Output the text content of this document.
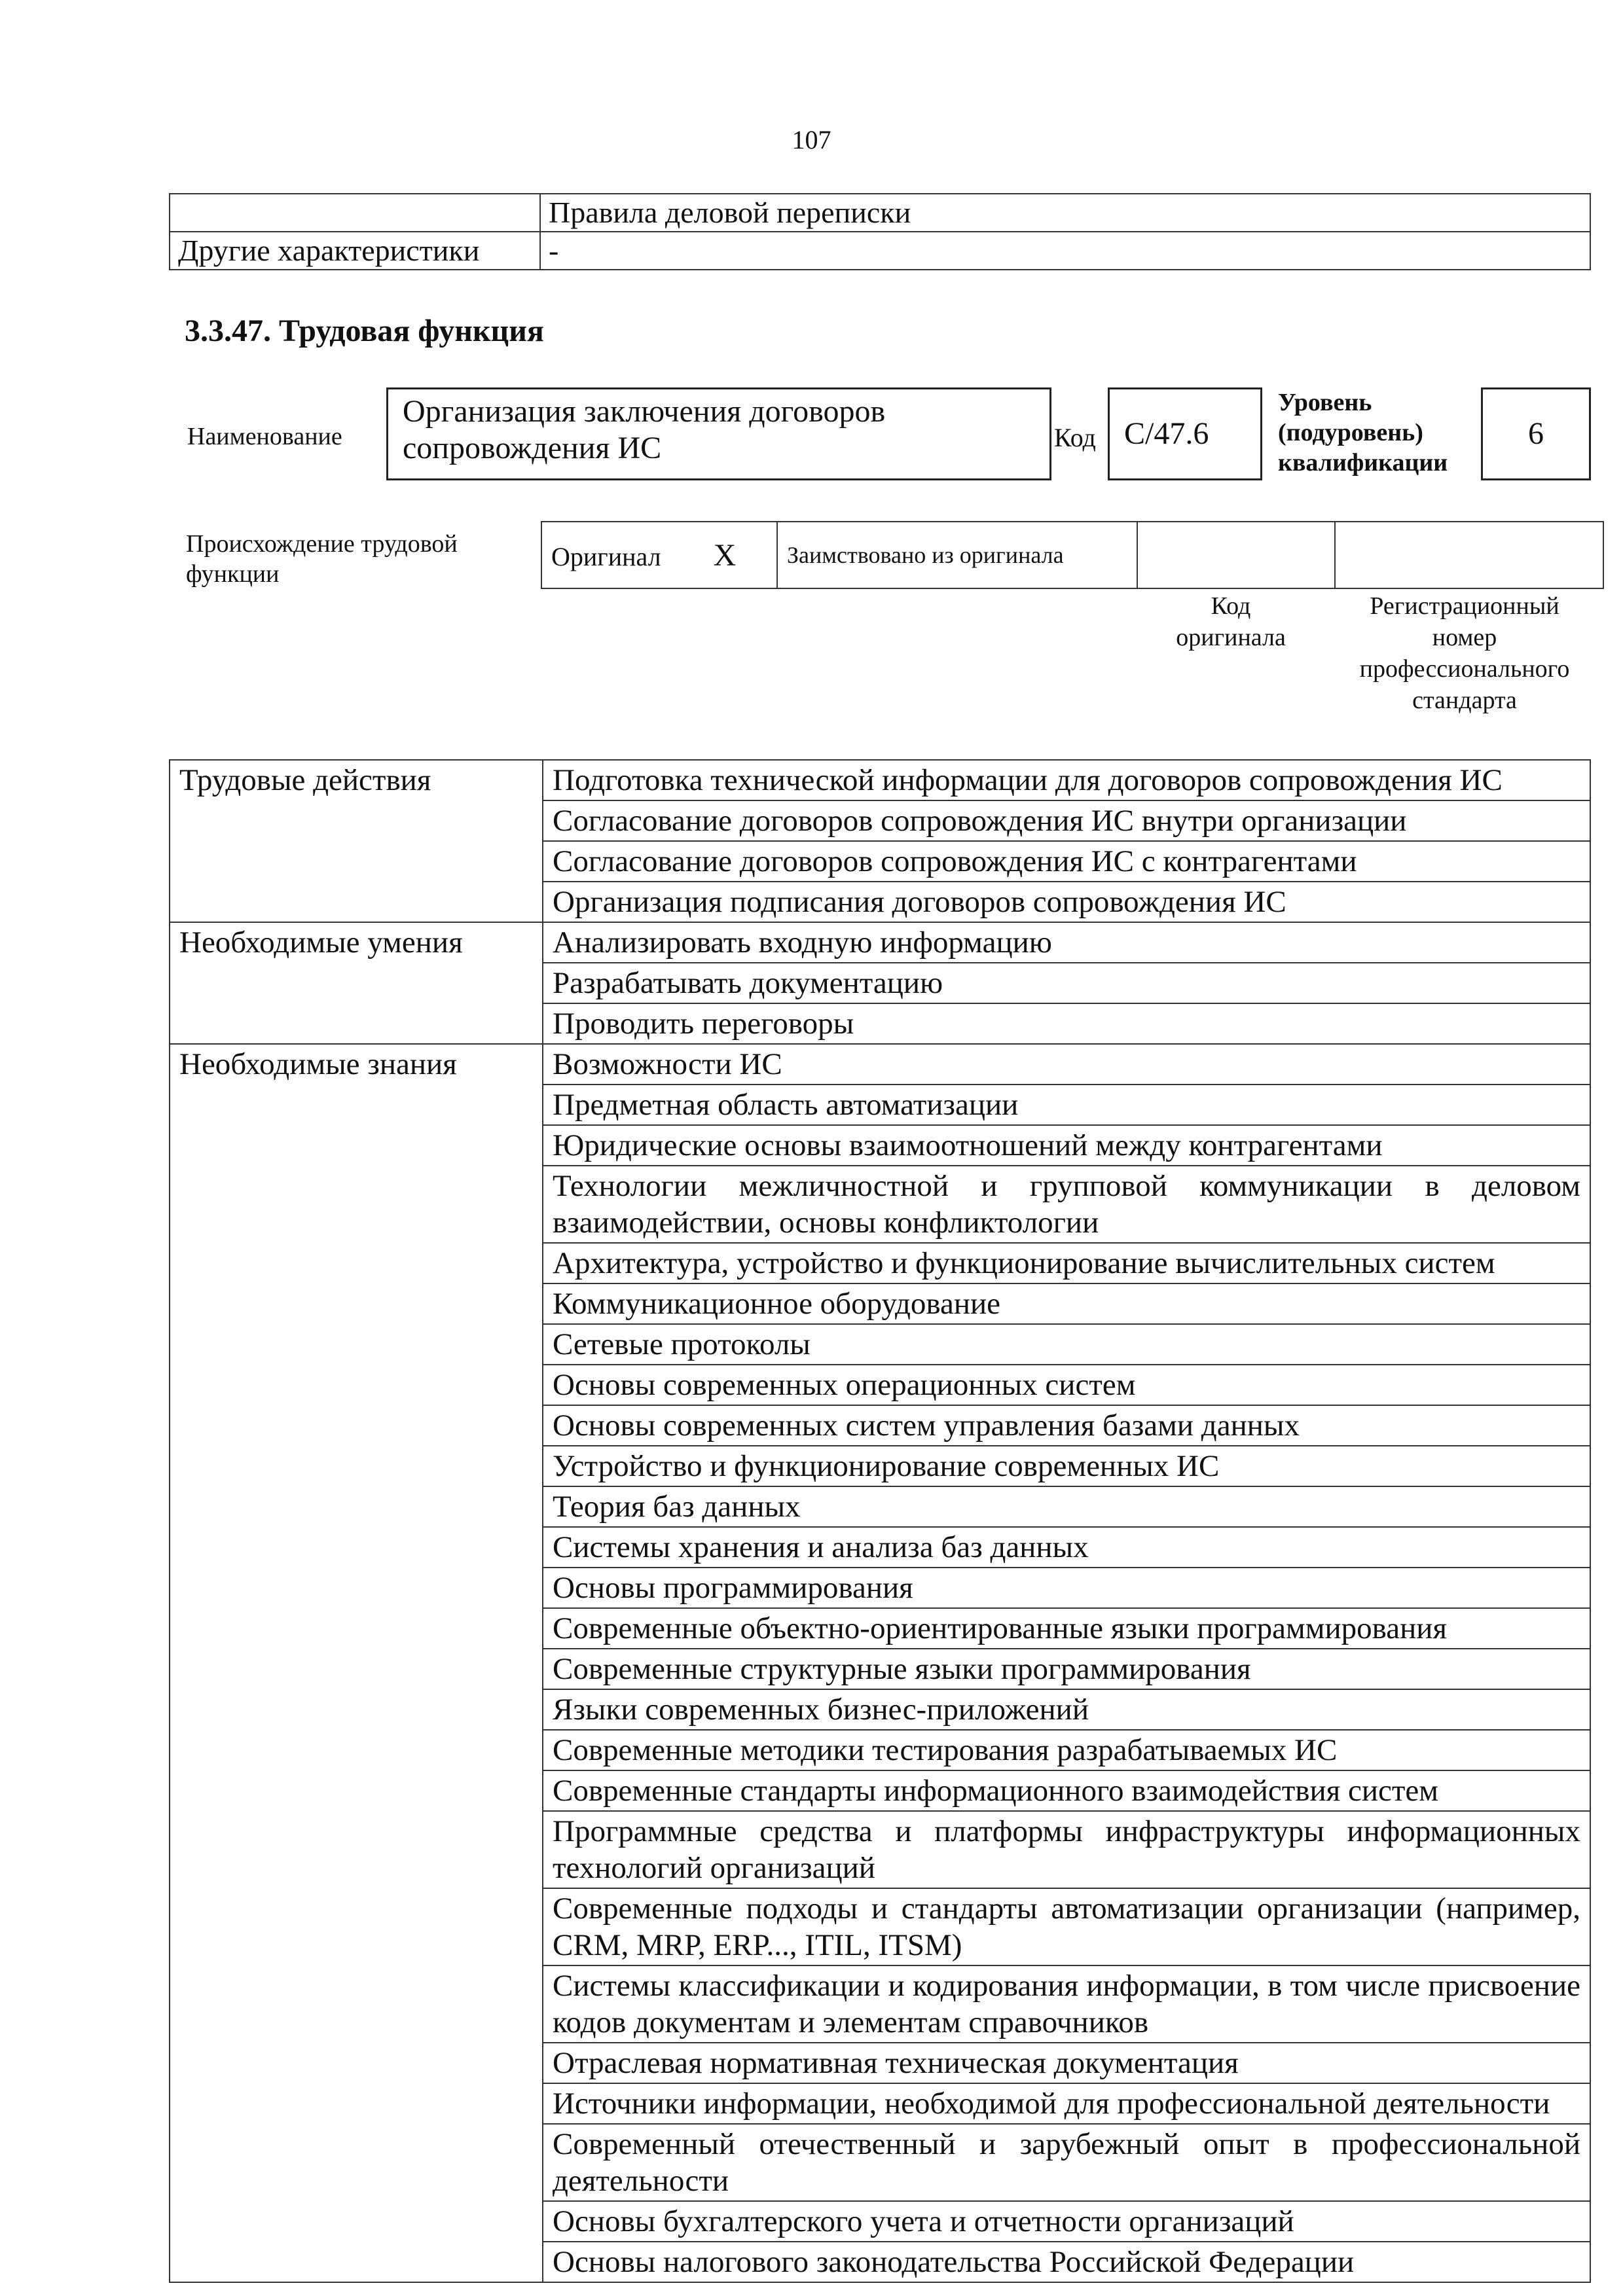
107
	Правила деловой переписки
Другие характеристики	-
3.3.47. Трудовая функция
Наименование
Организация заключения договоров сопровождения ИС	Код C/47.6
Уровень
(подуровень)
квалификации
6
Происхождение трудовой функции
Оригинал X	Заимствовано из оригинала		
Код
оригинала
Регистрационный
номер
профессионального
стандарта
Трудовые действия	Подготовка технической информации для договоров сопровождения ИС
	Согласование договоров сопровождения ИС внутри организации
	Согласование договоров сопровождения ИС с контрагентами
	Организация подписания договоров сопровождения ИС
Необходимые умения	Анализировать входную информацию
	Разрабатывать документацию
	Проводить переговоры
Необходимые знания	Возможности ИС
	Предметная область автоматизации
	Юридические основы взаимоотношений между контрагентами
	Технологии межличностной и групповой коммуникации в деловом взаимодействии, основы конфликтологии
	Архитектура, устройство и функционирование вычислительных систем
	Коммуникационное оборудование
	Сетевые протоколы
	Основы современных операционных систем
	Основы современных систем управления базами данных
	Устройство и функционирование современных ИС
	Теория баз данных
	Системы хранения и анализа баз данных
	Основы программирования
	Современные объектно-ориентированные языки программирования
	Современные структурные языки программирования
	Языки современных бизнес-приложений
	Современные методики тестирования разрабатываемых ИС
	Современные стандарты информационного взаимодействия систем
	Программные средства и платформы инфраструктуры информационных технологий организаций
	Современные подходы и стандарты автоматизации организации (например, CRM, MRP, ERP..., ITIL, ITSM)
	Системы классификации и кодирования информации, в том числе присвоение кодов документам и элементам справочников
	Отраслевая нормативная техническая документация
	Источники информации, необходимой для профессиональной деятельности
	Современный отечественный и зарубежный опыт в профессиональной деятельности
	Основы бухгалтерского учета и отчетности организаций
	Основы налогового законодательства Российской Федерации
